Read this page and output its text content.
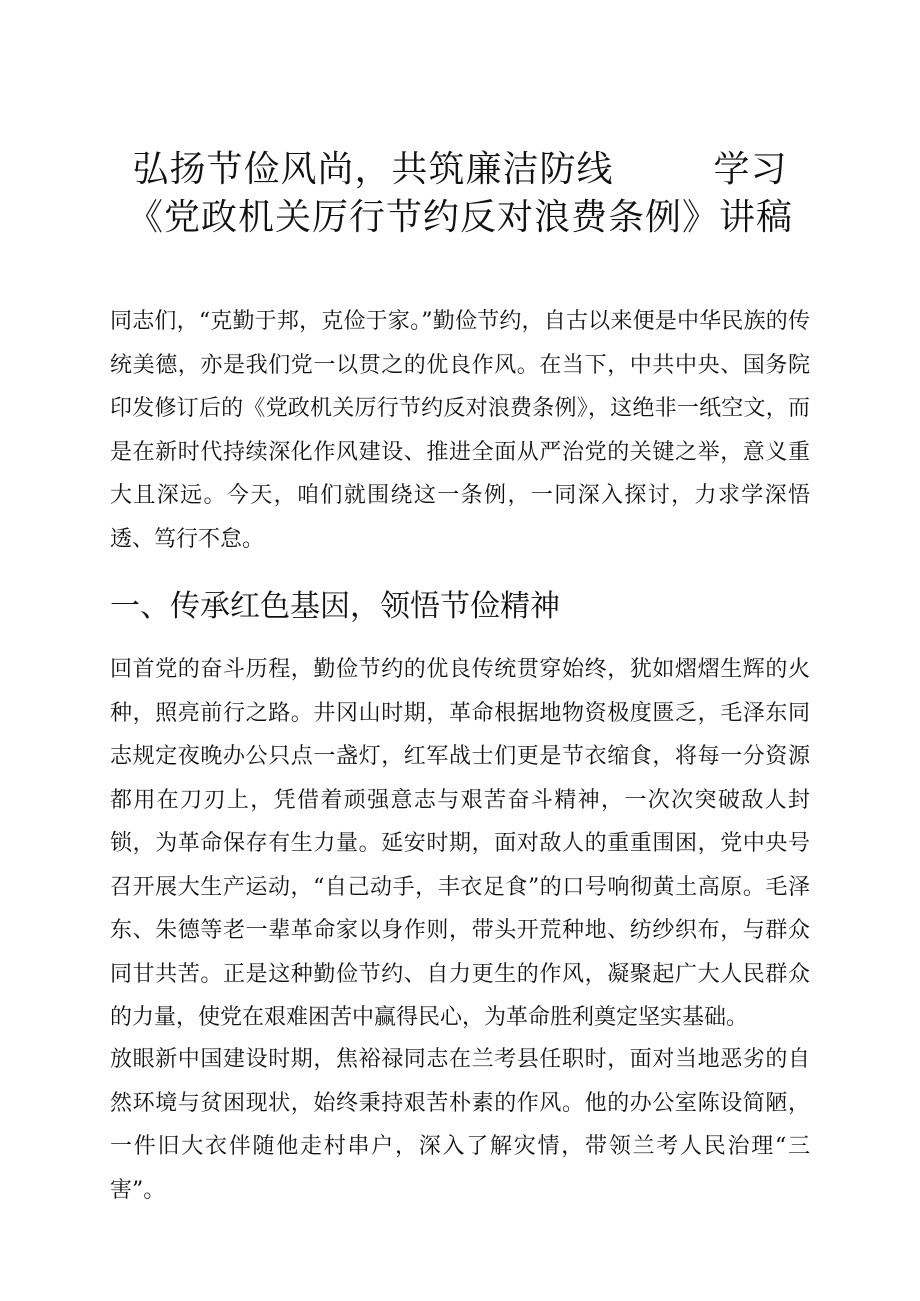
弘扬节俭风尚，共筑廉洁防线	学习《党政机关厉行节约反对浪费条例》讲稿

同志们，“克勤于邦，克俭于家。”勤俭节约，自古以来便是中华民族的传统美德，亦是我们党一以贯之的优良作风。在当下，中共中央、国务院印发修订后的《党政机关厉行节约反对浪费条例》，这绝非一纸空文，而是在新时代持续深化作风建设、推进全面从严治党的关键之举，意义重大且深远。今天，咱们就围绕这一条例，一同深入探讨，力求学深悟透、笃行不怠。

一、传承红色基因，领悟节俭精神

回首党的奋斗历程，勤俭节约的优良传统贯穿始终，犹如熠熠生辉的火种，照亮前行之路。井冈山时期，革命根据地物资极度匮乏，毛泽东同志规定夜晚办公只点一盏灯，红军战士们更是节衣缩食，将每一分资源都用在刀刃上，凭借着顽强意志与艰苦奋斗精神，一次次突破敌人封锁，为革命保存有生力量。延安时期，面对敌人的重重围困，党中央号召开展大生产运动，“自己动手，丰衣足食”的口号响彻黄土高原。毛泽东、朱德等老一辈革命家以身作则，带头开荒种地、纺纱织布，与群众同甘共苦。正是这种勤俭节约、自力更生的作风，凝聚起广大人民群众的力量，使党在艰难困苦中赢得民心，为革命胜利奠定坚实基础。

放眼新中国建设时期，焦裕禄同志在兰考县任职时，面对当地恶劣的自然环境与贫困现状，始终秉持艰苦朴素的作风。他的办公室陈设简陋，一件旧大衣伴随他走村串户，深入了解灾情，带领兰考人民治理“三害”。
